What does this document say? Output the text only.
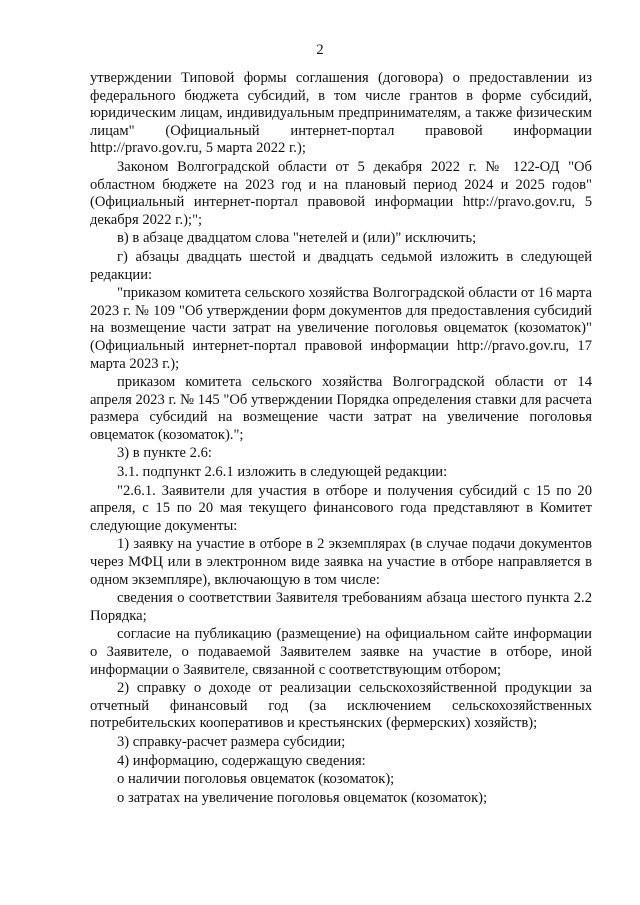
2

утверждении Типовой формы соглашения (договора) о предоставлении из федерального бюджета субсидий, в том числе грантов в форме субсидий, юридическим лицам, индивидуальным предпринимателям, а также физическим лицам" (Официальный интернет-портал правовой информации http://pravo.gov.ru, 5 марта 2022 г.);

Законом Волгоградской области от 5 декабря 2022 г. № 122-ОД "Об областном бюджете на 2023 год и на плановый период 2024 и 2025 годов" (Официальный интернет-портал правовой информации http://pravo.gov.ru, 5 декабря 2022 г.);";

в) в абзаце двадцатом слова "нетелей и (или)" исключить;

г) абзацы двадцать шестой и двадцать седьмой изложить в следующей редакции:

"приказом комитета сельского хозяйства Волгоградской области от 16 марта 2023 г. № 109 "Об утверждении форм документов для предоставления субсидий на возмещение части затрат на увеличение поголовья овцематок (козоматок)" (Официальный интернет-портал правовой информации http://pravo.gov.ru, 17 марта 2023 г.);

приказом комитета сельского хозяйства Волгоградской области от 14 апреля 2023 г. № 145 "Об утверждении Порядка определения ставки для расчета размера субсидий на возмещение части затрат на увеличение поголовья овцематок (козоматок).";

3) в пункте 2.6:

3.1. подпункт 2.6.1 изложить в следующей редакции:

"2.6.1. Заявители для участия в отборе и получения субсидий с 15 по 20 апреля, с 15 по 20 мая текущего финансового года представляют в Комитет следующие документы:

1) заявку на участие в отборе в 2 экземплярах (в случае подачи документов через МФЦ или в электронном виде заявка на участие в отборе направляется в одном экземпляре), включающую в том числе:

сведения о соответствии Заявителя требованиям абзаца шестого пункта 2.2 Порядка;

согласие на публикацию (размещение) на официальном сайте информации о Заявителе, о подаваемой Заявителем заявке на участие в отборе, иной информации о Заявителе, связанной с соответствующим отбором;

2) справку о доходе от реализации сельскохозяйственной продукции за отчетный финансовый год (за исключением сельскохозяйственных потребительских кооперативов и крестьянских (фермерских) хозяйств);

3) справку-расчет размера субсидии;

4) информацию, содержащую сведения:

о наличии поголовья овцематок (козоматок);

о затратах на увеличение поголовья овцематок (козоматок);
